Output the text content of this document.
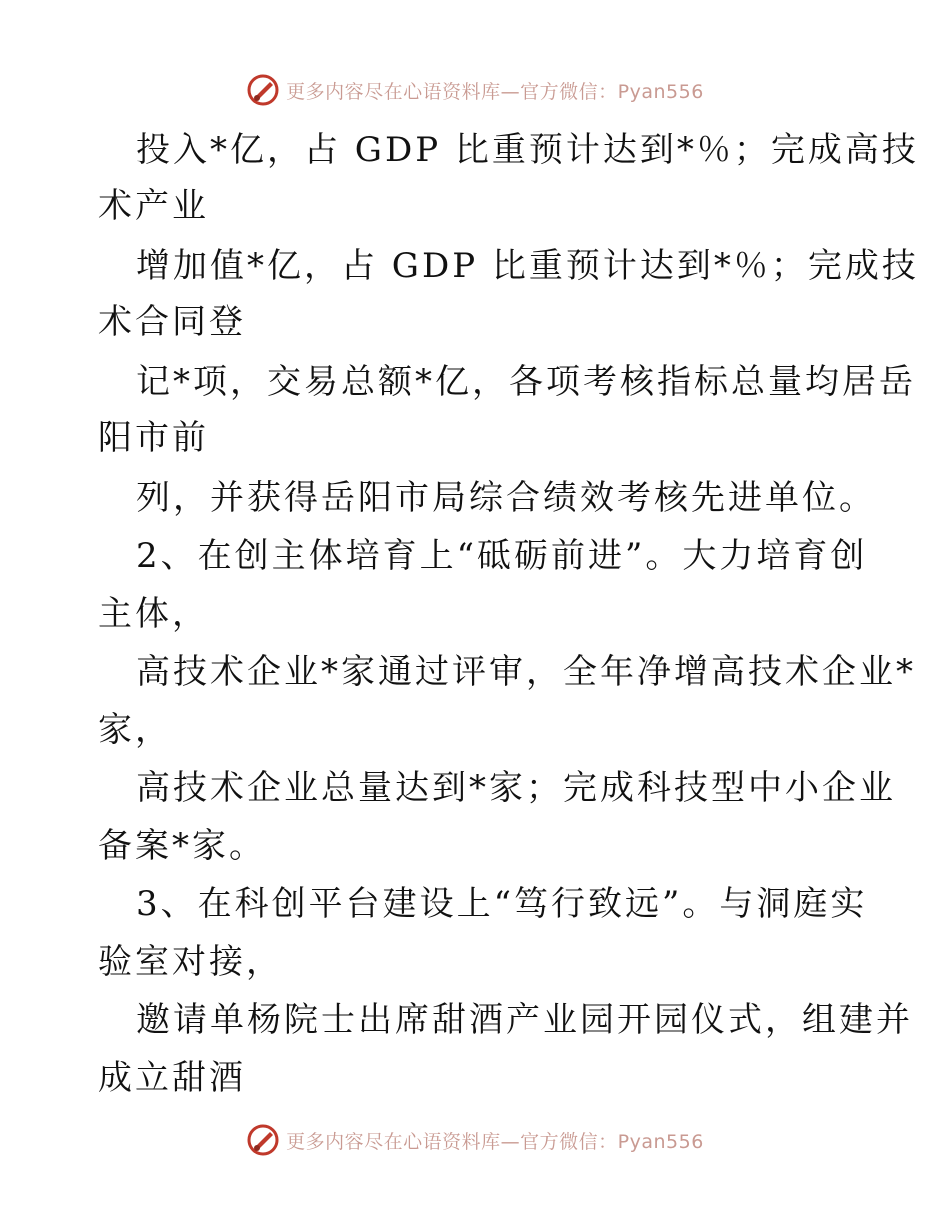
更多内容尽在心语资料库—官方微信：Pyan556
投入*亿，占 GDP 比重预计达到*％；完成高技
术产业
增加值*亿，占 GDP 比重预计达到*％；完成技
术合同登
记*项，交易总额*亿，各项考核指标总量均居岳
阳市前
列，并获得岳阳市局综合绩效考核先进单位。
2、在创主体培育上“砥砺前进”。大力培育创
主体，
高技术企业*家通过评审，全年净增高技术企业*
家，
高技术企业总量达到*家；完成科技型中小企业
备案*家。
3、在科创平台建设上“笃行致远”。与洞庭实
验室对接，
邀请单杨院士出席甜酒产业园开园仪式，组建并
成立甜酒
更多内容尽在心语资料库—官方微信：Pyan556
